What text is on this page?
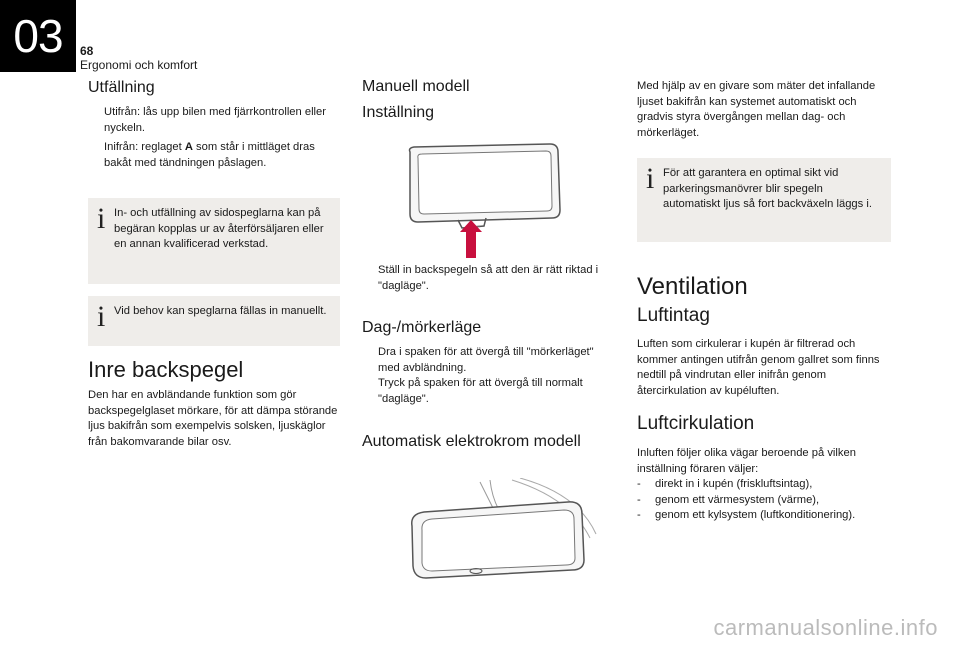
03	68
Ergonomi och komfort
Utfällning
Utifrån: lås upp bilen med fjärrkontrollen eller nyckeln.
Inifrån: reglaget A som står i mittläget dras bakåt med tändningen påslagen.
i In- och utfällning av sidospeglarna kan på begäran kopplas ur av återförsäljaren eller en annan kvalificerad verkstad.
i Vid behov kan speglarna fällas in manuellt.
Inre backspegel
Den har en avbländande funktion som gör backspegelglaset mörkare, för att dämpa störande ljus bakifrån som exempelvis solsken, ljuskäglor från bakomvarande bilar osv.
Manuell modell
Inställning
Ställ in backspegeln så att den är rätt riktad i "dagläge".
Dag-/mörkerläge
Dra i spaken för att övergå till "mörkerläget" med avbländning.
Tryck på spaken för att övergå till normalt "dagläge".
Automatisk elektrokrom modell
Med hjälp av en givare som mäter det infallande ljuset bakifrån kan systemet automatiskt och gradvis styra övergången mellan dag- och mörkerläget.
i För att garantera en optimal sikt vid parkeringsmanövrer blir spegeln automatiskt ljus så fort backväxeln läggs i.
Ventilation
Luftintag
Luften som cirkulerar i kupén är filtrerad och kommer antingen utifrån genom gallret som finns nedtill på vindrutan eller inifrån genom återcirkulation av kupéluften.
Luftcirkulation
Inluften följer olika vägar beroende på vilken inställning föraren väljer:
-	direkt in i kupén (friskluftsintag),
-	genom ett värmesystem (värme),
-	genom ett kylsystem (luftkonditionering).
carmanualsonline.info
